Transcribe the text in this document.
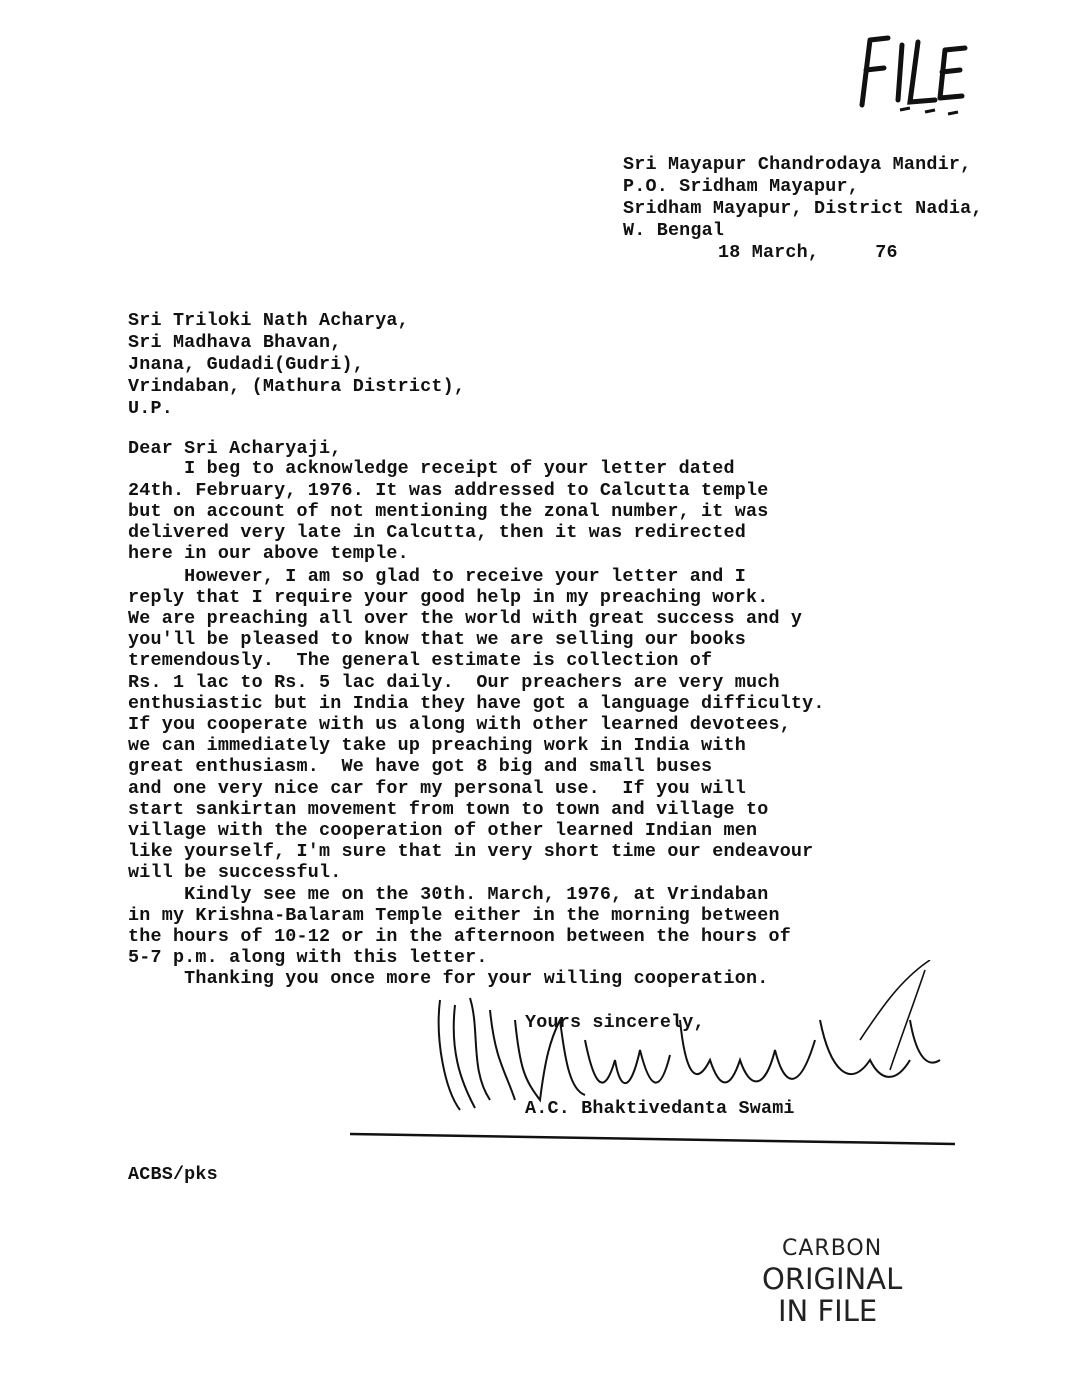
Sri Mayapur Chandrodaya Mandir,
P.O. Sridham Mayapur,
Sridham Mayapur, District Nadia,
W. Bengal
18 March,     76
Sri Triloki Nath Acharya,
Sri Madhava Bhavan,
Jnana, Gudadi(Gudri),
Vrindaban, (Mathura District),
U.P.
Dear Sri Acharyaji,
I beg to acknowledge receipt of your letter dated
24th. February, 1976. It was addressed to Calcutta temple
but on account of not mentioning the zonal number, it was
delivered very late in Calcutta, then it was redirected
here in our above temple.
However, I am so glad to receive your letter and I
reply that I require your good help in my preaching work.
We are preaching all over the world with great success and y
you'll be pleased to know that we are selling our books
tremendously.  The general estimate is collection of
Rs. 1 lac to Rs. 5 lac daily.  Our preachers are very much
enthusiastic but in India they have got a language difficulty.
If you cooperate with us along with other learned devotees,
we can immediately take up preaching work in India with
great enthusiasm.  We have got 8 big and small buses
and one very nice car for my personal use.  If you will
start sankirtan movement from town to town and village to
village with the cooperation of other learned Indian men
like yourself, I'm sure that in very short time our endeavour
will be successful.
Kindly see me on the 30th. March, 1976, at Vrindaban
in my Krishna-Balaram Temple either in the morning between
the hours of 10-12 or in the afternoon between the hours of
5-7 p.m. along with this letter.
Thanking you once more for your willing cooperation.
Yours sincerely,
A.C. Bhaktivedanta Swami
ACBS/pks
CARBON
ORIGINAL
IN FILE
